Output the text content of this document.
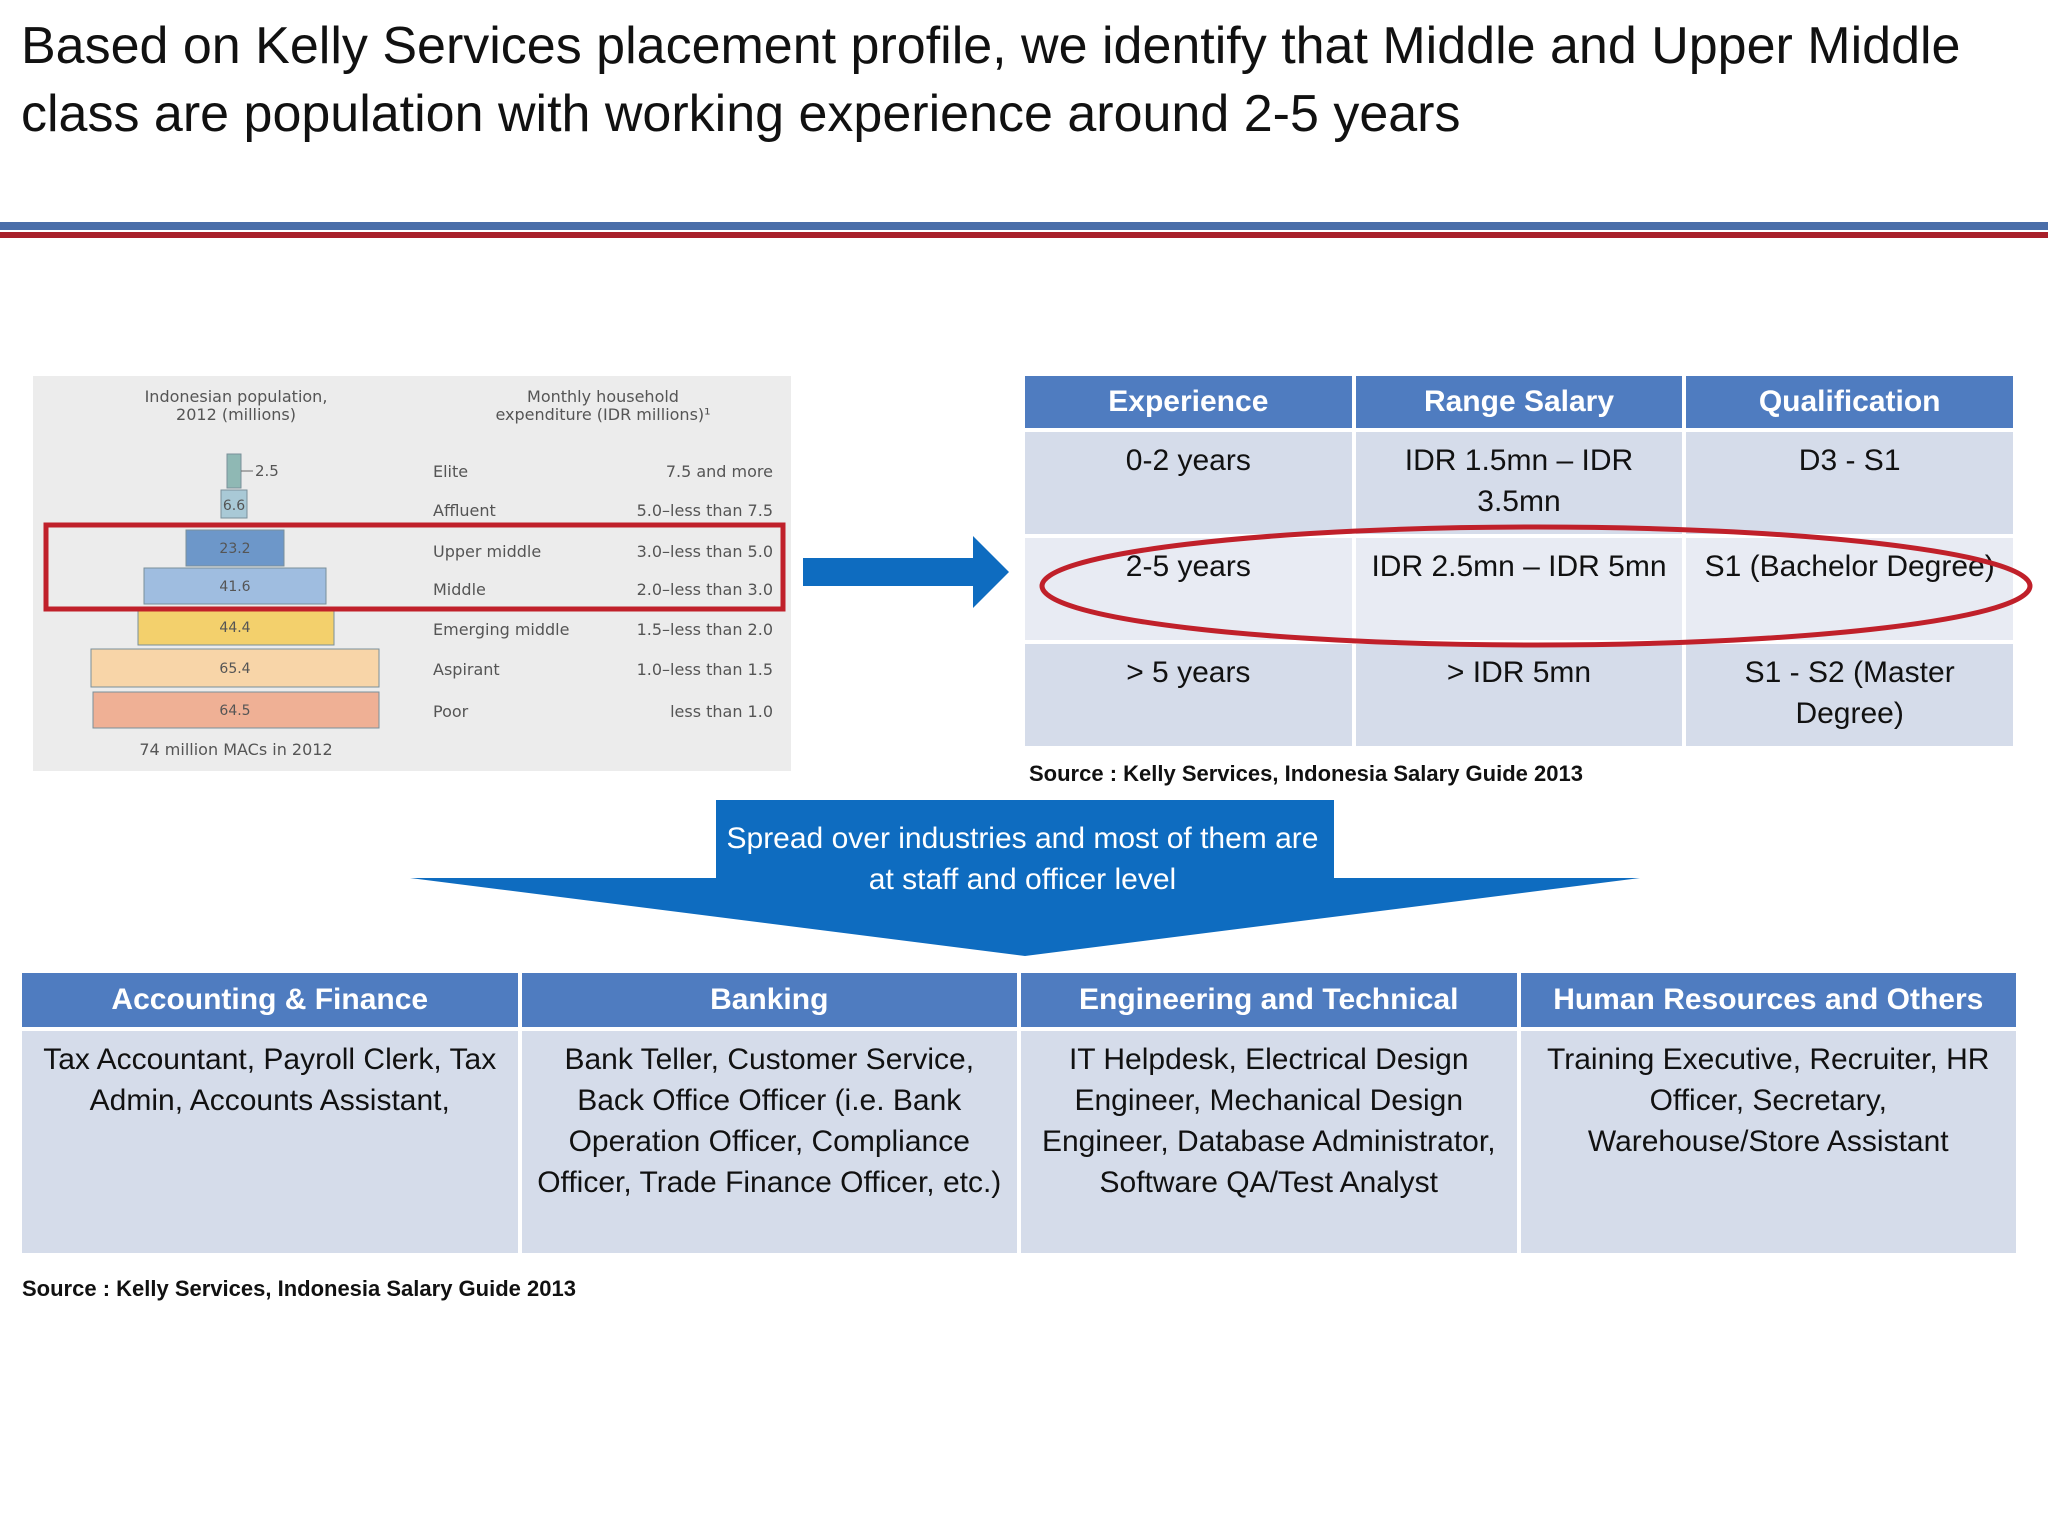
Based on Kelly Services placement profile, we identify that Middle and Upper Middle class are population with working experience around 2-5 years
Indonesian population,
2012 (millions)
Monthly household
expenditure (IDR millions)¹
2.5	Elite	7.5 and more
6.6	Affluent	5.0–less than 7.5
23.2	Upper middle	3.0–less than 5.0
41.6	Middle	2.0–less than 3.0
44.4	Emerging middle	1.5–less than 2.0
65.4	Aspirant	1.0–less than 1.5
64.5	Poor	less than 1.0
74 million MACs in 2012
Experience	Range Salary	Qualification
0-2 years	IDR 1.5mn – IDR 3.5mn	D3 - S1
2-5 years	IDR 2.5mn – IDR 5mn	S1 (Bachelor Degree)
> 5 years	> IDR 5mn	S1 - S2 (Master Degree)
Source : Kelly Services, Indonesia Salary Guide 2013
Spread over industries and most of them are at staff and officer level
Accounting & Finance	Banking	Engineering and Technical	Human Resources and Others
Tax Accountant, Payroll Clerk, Tax Admin, Accounts Assistant,	Bank Teller, Customer Service, Back Office Officer (i.e. Bank Operation Officer, Compliance Officer, Trade Finance Officer, etc.)	IT Helpdesk, Electrical Design Engineer, Mechanical Design Engineer, Database Administrator, Software QA/Test Analyst	Training Executive, Recruiter, HR Officer, Secretary, Warehouse/Store Assistant
Source : Kelly Services, Indonesia Salary Guide 2013
